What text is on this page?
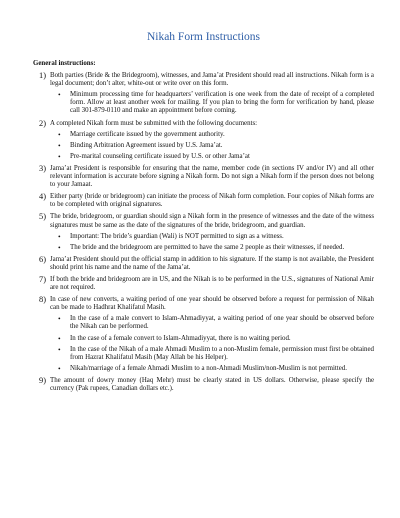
Nikah Form Instructions
General instructions:
1) Both parties (Bride & the Bridegroom), witnesses, and Jama’at President should read all instructions. Nikah form is a legal document; don’t alter, white-out or write over on this form.
• Minimum processing time for headquarters’ verification is one week from the date of receipt of a completed form. Allow at least another week for mailing. If you plan to bring the form for verification by hand, please call 301-879-0110 and make an appointment before coming.
2) A completed Nikah form must be submitted with the following documents:
• Marriage certificate issued by the government authority.
• Binding Arbitration Agreement issued by U.S. Jama’at.
• Pre-marital counseling certificate issued by U.S. or other Jama’at
3) Jama’at President is responsible for ensuring that the name, member code (in sections IV and/or IV) and all other relevant information is accurate before signing a Nikah form. Do not sign a Nikah form if the person does not belong to your Jamaat.
4) Either party (bride or bridegroom) can initiate the process of Nikah form completion. Four copies of Nikah forms are to be completed with original signatures.
5) The bride, bridegroom, or guardian should sign a Nikah form in the presence of witnesses and the date of the witness signatures must be same as the date of the signatures of the bride, bridegroom, and guardian.
• Important: The bride’s guardian (Wali) is NOT permitted to sign as a witness.
• The bride and the bridegroom are permitted to have the same 2 people as their witnesses, if needed.
6) Jama’at President should put the official stamp in addition to his signature. If the stamp is not available, the President should print his name and the name of the Jama’at.
7) If both the bride and bridegroom are in US, and the Nikah is to be performed in the U.S., signatures of National Amir are not required.
8) In case of new converts, a waiting period of one year should be observed before a request for permission of Nikah can be made to Hadhrat Khalifatul Masih.
• In the case of a male convert to Islam-Ahmadiyyat, a waiting period of one year should be observed before the Nikah can be performed.
• In the case of a female convert to Islam-Ahmadiyyat, there is no waiting period.
• In the case of the Nikah of a male Ahmadi Muslim to a non-Muslim female, permission must first be obtained from Hazrat Khalifatul Masih (May Allah be his Helper).
• Nikah/marriage of a female Ahmadi Muslim to a non-Ahmadi Muslim/non-Muslim is not permitted.
9) The amount of dowry money (Haq Mehr) must be clearly stated in US dollars. Otherwise, please specify the currency (Pak rupees, Canadian dollars etc.).
